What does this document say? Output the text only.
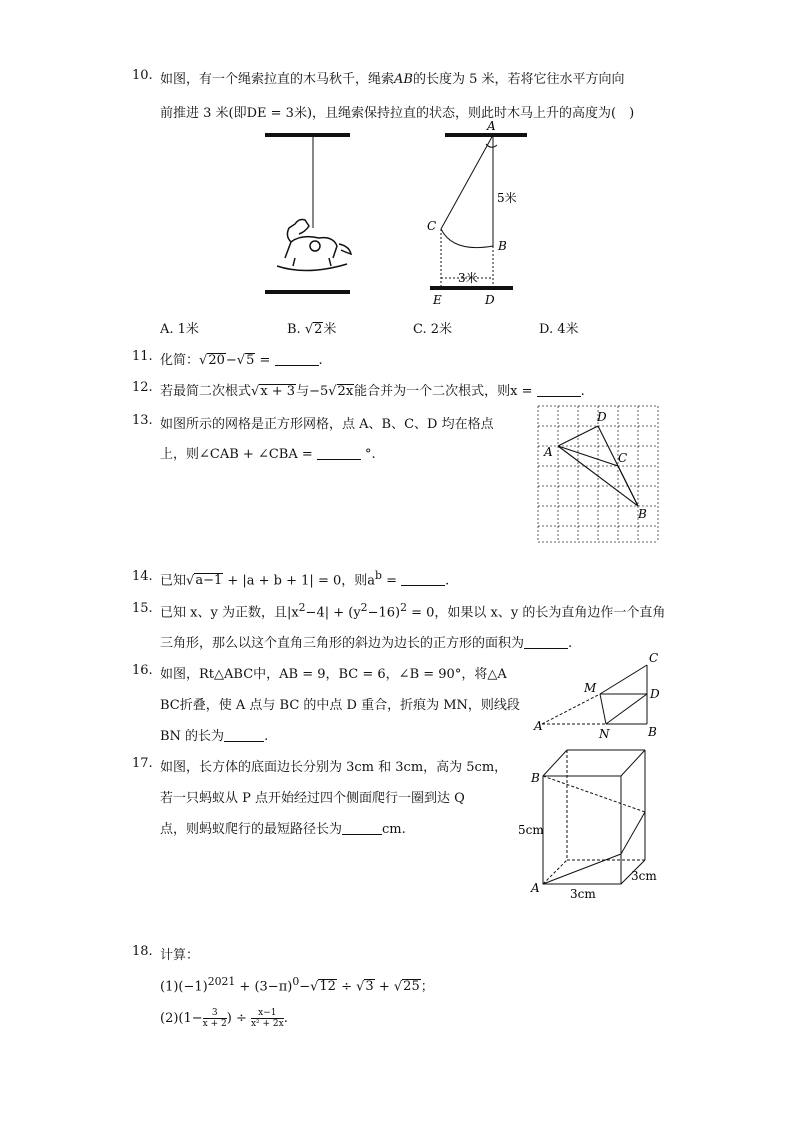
10. 如图，有一个绳索拉直的木马秋千，绳索AB的长度为 5 米，若将它往水平方向向
前推进 3 米(即DE = 3米)，且绳索保持拉直的状态，则此时木马上升的高度为(　)
A
5米
C
B
3米
E	D
A. 1米	B. √2米	C. 2米	D. 4米
11. 化简：√20−√5 =	.
12. 若最简二次根式√x + 3与−5√2x能合并为一个二次根式，则x =	.
13. 如图所示的网格是正方形网格，点 A、B、C、D 均在格点
上，则∠CAB + ∠CBA =	°.	A
D
C
B
14. 已知√a−1 + |a + b + 1| = 0，则$a^b$ =	.
15. 已知 x、y 为正数，且$|x^2-4| + (y^2-16)^2 = 0$，如果以 x、y 的长为直角边作一个直角
三角形，那么以这个直角三角形的斜边为边长的正方形的面积为	.
16. 如图，Rt△ABC中，AB = 9，BC = 6，∠B = 90°，将△A
BC折叠，使 A 点与 BC 的中点 D 重合，折痕为 MN，则线段
BN 的长为	.
C
M	D
A
N	B
17. 如图，长方体的底面边长分别为 3cm 和 3cm，高为 5cm，
若一只蚂蚁从 P 点开始经过四个侧面爬行一圈到达 Q
点，则蚂蚁爬行的最短路径长为	cm.
B
A
5cm
3cm
3cm
18. 计算：
$(1)(-1)^{2021} + (3-\pi)^0-√12 \div √3 + √25$；
$(2)(1- \frac{3}{x + 2}$ ) ÷ $\frac{x-1}{\text{x² + 2x}}$ .
